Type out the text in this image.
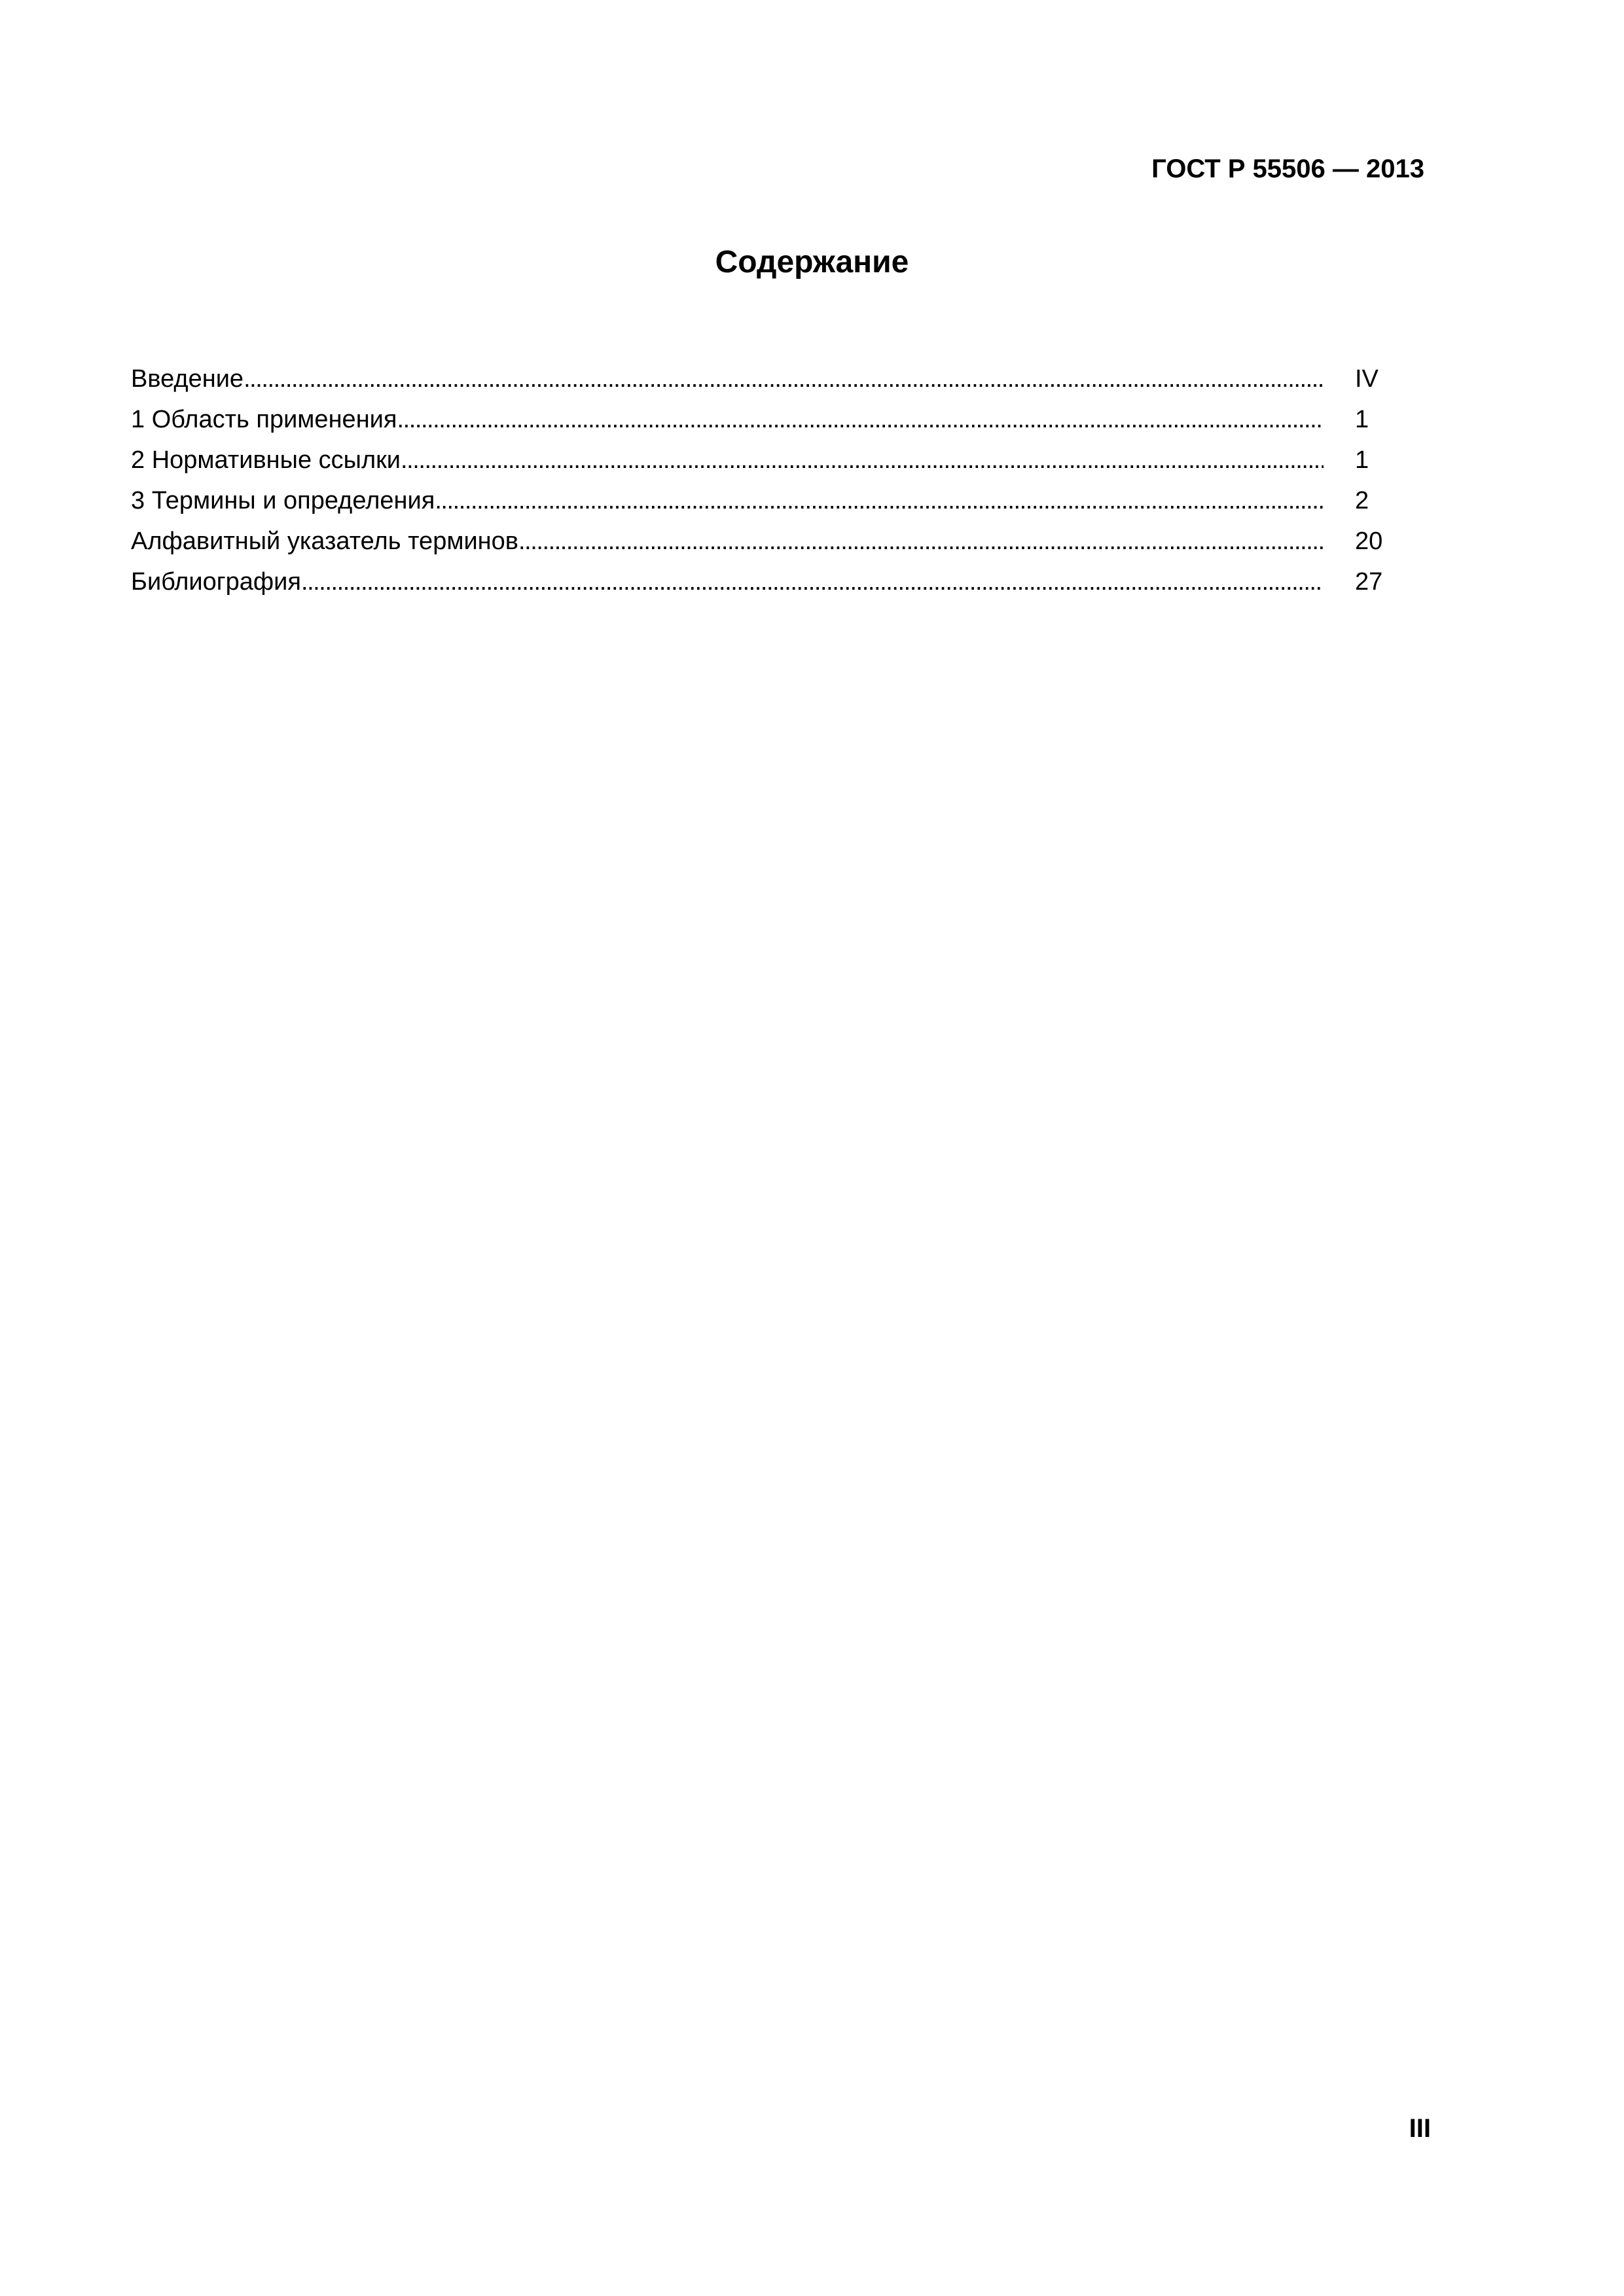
ГОСТ Р 55506 — 2013
Содержание
Введение . . .	IV
1 Область применения . . .	1
2 Нормативные ссылки . . .	1
3 Термины и определения . . .	2
Алфавитный указатель терминов . . .	20
Библиография . . .	27
III
